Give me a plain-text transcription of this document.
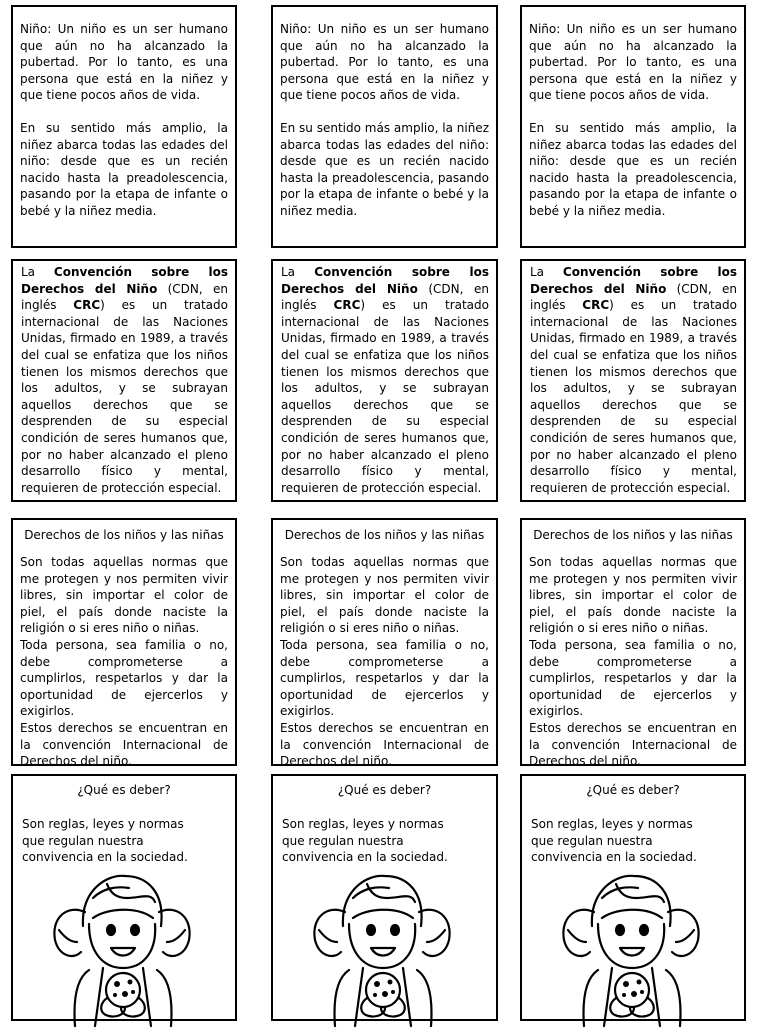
Niño: Un niño es un ser humano que aún no ha alcanzado la pubertad. Por lo tanto, es una persona que está en la niñez y que tiene pocos años de vida.

En su sentido más amplio, la niñez abarca todas las edades del niño: desde que es un recién nacido hasta la preadolescencia, pasando por la etapa de infante o bebé y la niñez media.

La Convención sobre los Derechos del Niño (CDN, en inglés CRC) es un tratado internacional de las Naciones Unidas, firmado en 1989, a través del cual se enfatiza que los niños tienen los mismos derechos que los adultos, y se subrayan aquellos derechos que se desprenden de su especial condición de seres humanos que, por no haber alcanzado el pleno desarrollo físico y mental, requieren de protección especial.
Derechos de los niños y las niñas

Son todas aquellas normas que me protegen y nos permiten vivir libres, sin importar el color de piel, el país donde naciste la religión o si eres niño o niñas.

Toda persona, sea familia o no, debe comprometerse a cumplirlos, respetarlos y dar la oportunidad de ejercerlos y exigirlos.

Estos derechos se encuentran en la convención Internacional de Derechos del niño.

¿Qué es deber?
Son reglas, leyes y normas que regulan nuestra convivencia en la sociedad.

Niño: Un niño es un ser humano que aún no ha alcanzado la pubertad. Por lo tanto, es una persona que está en la niñez y que tiene pocos años de vida.

En su sentido más amplio, la niñez abarca todas las edades del niño: desde que es un recién nacido hasta la preadolescencia, pasando por la etapa de infante o bebé y la niñez media.

La Convención sobre los Derechos del Niño (CDN, en inglés CRC) es un tratado internacional de las Naciones Unidas, firmado en 1989, a través del cual se enfatiza que los niños tienen los mismos derechos que los adultos, y se subrayan aquellos derechos que se desprenden de su especial condición de seres humanos que, por no haber alcanzado el pleno desarrollo físico y mental, requieren de protección especial.
Derechos de los niños y las niñas

Son todas aquellas normas que me protegen y nos permiten vivir libres, sin importar el color de piel, el país donde naciste la religión o si eres niño o niñas.

Toda persona, sea familia o no, debe comprometerse a cumplirlos, respetarlos y dar la oportunidad de ejercerlos y exigirlos.

Estos derechos se encuentran en la convención Internacional de Derechos del niño.

¿Qué es deber?
Son reglas, leyes y normas que regulan nuestra convivencia en la sociedad.

Niño: Un niño es un ser humano que aún no ha alcanzado la pubertad. Por lo tanto, es una persona que está en la niñez y que tiene pocos años de vida.

En su sentido más amplio, la niñez abarca todas las edades del niño: desde que es un recién nacido hasta la preadolescencia, pasando por la etapa de infante o bebé y la niñez media.

La Convención sobre los Derechos del Niño (CDN, en inglés CRC) es un tratado internacional de las Naciones Unidas, firmado en 1989, a través del cual se enfatiza que los niños tienen los mismos derechos que los adultos, y se subrayan aquellos derechos que se desprenden de su especial condición de seres humanos que, por no haber alcanzado el pleno desarrollo físico y mental, requieren de protección especial.
Derechos de los niños y las niñas

Son todas aquellas normas que me protegen y nos permiten vivir libres, sin importar el color de piel, el país donde naciste la religión o si eres niño o niñas.

Toda persona, sea familia o no, debe comprometerse a cumplirlos, respetarlos y dar la oportunidad de ejercerlos y exigirlos.

Estos derechos se encuentran en la convención Internacional de Derechos del niño.

¿Qué es deber?
Son reglas, leyes y normas que regulan nuestra convivencia en la sociedad.
